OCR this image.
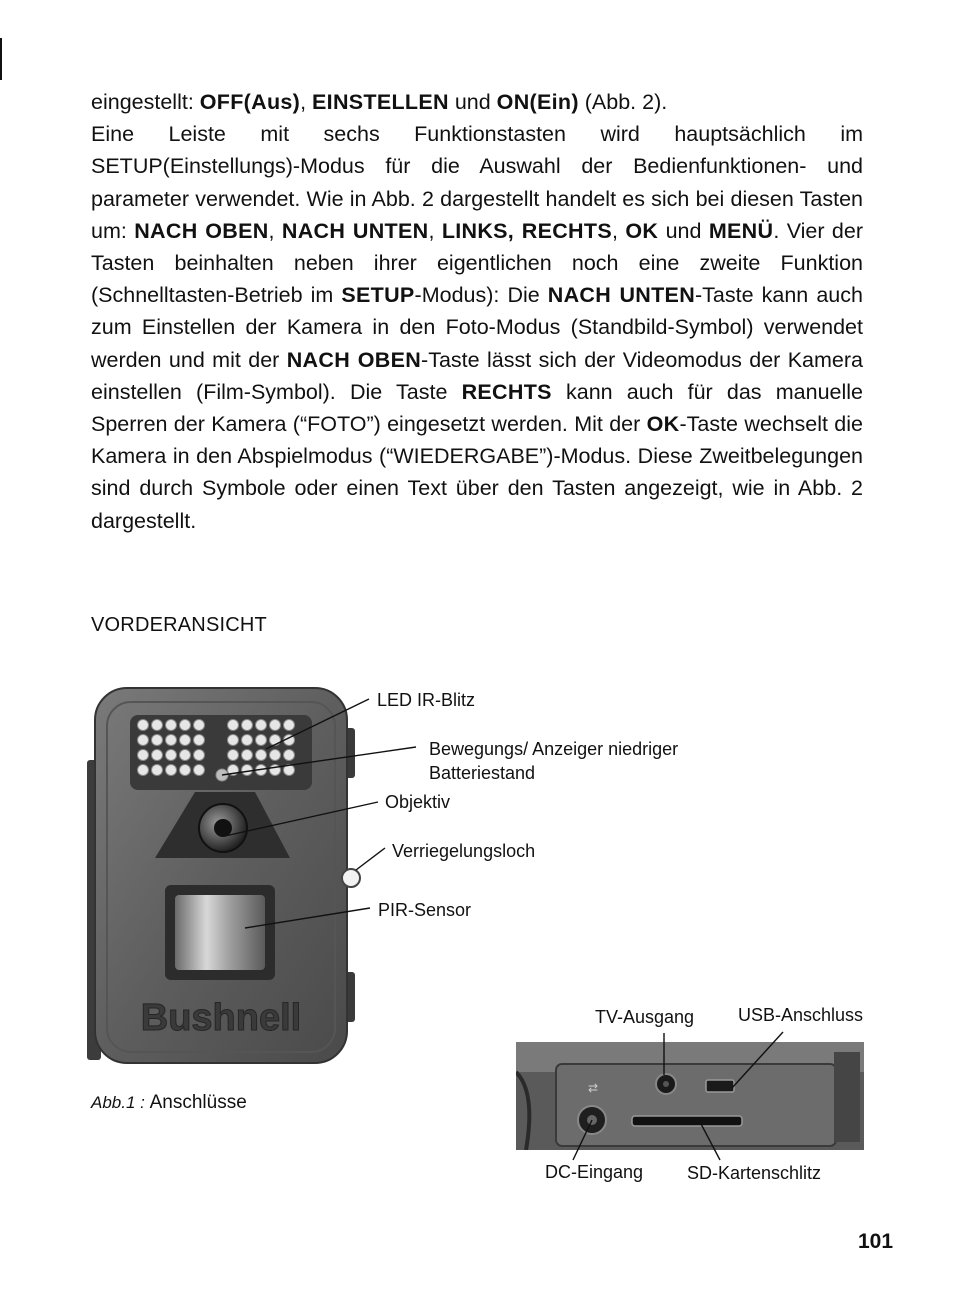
eingestellt: OFF(Aus), EINSTELLEN und ON(Ein) (Abb. 2).

Eine Leiste mit sechs Funktionstasten wird hauptsächlich im SETUP(Einstellungs)-Modus für die Auswahl der Bedienfunktionen- und parameter verwendet. Wie in Abb. 2 dargestellt handelt es sich bei diesen Tasten um: NACH OBEN, NACH UNTEN, LINKS, RECHTS, OK und MENÜ. Vier der Tasten beinhalten neben ihrer eigentlichen noch eine zweite Funktion (Schnelltasten-Betrieb im SETUP-Modus): Die NACH UNTEN-Taste kann auch zum Einstellen der Kamera in den Foto-Modus (Standbild-Symbol) verwendet werden und mit der NACH OBEN-Taste lässt sich der Videomodus der Kamera einstellen (Film-Symbol). Die Taste RECHTS kann auch für das manuelle Sperren der Kamera (“FOTO”) eingesetzt werden. Mit der OK-Taste wechselt die Kamera in den Abspielmodus (“WIEDERGABE”)-Modus. Diese Zweitbelegungen sind durch Symbole oder einen Text über den Tasten angezeigt, wie in Abb. 2 dargestellt.

VORDERANSICHT
Bushnell
LED IR-Blitz
Bewegungs/ Anzeiger niedriger
Batteriestand
Objektiv
Verriegelungsloch
PIR-Sensor
Abb.1 : Anschlüsse
⇄
TV-Ausgang USB-Anschluss
DC-Eingang SD-Kartenschlitz
101
